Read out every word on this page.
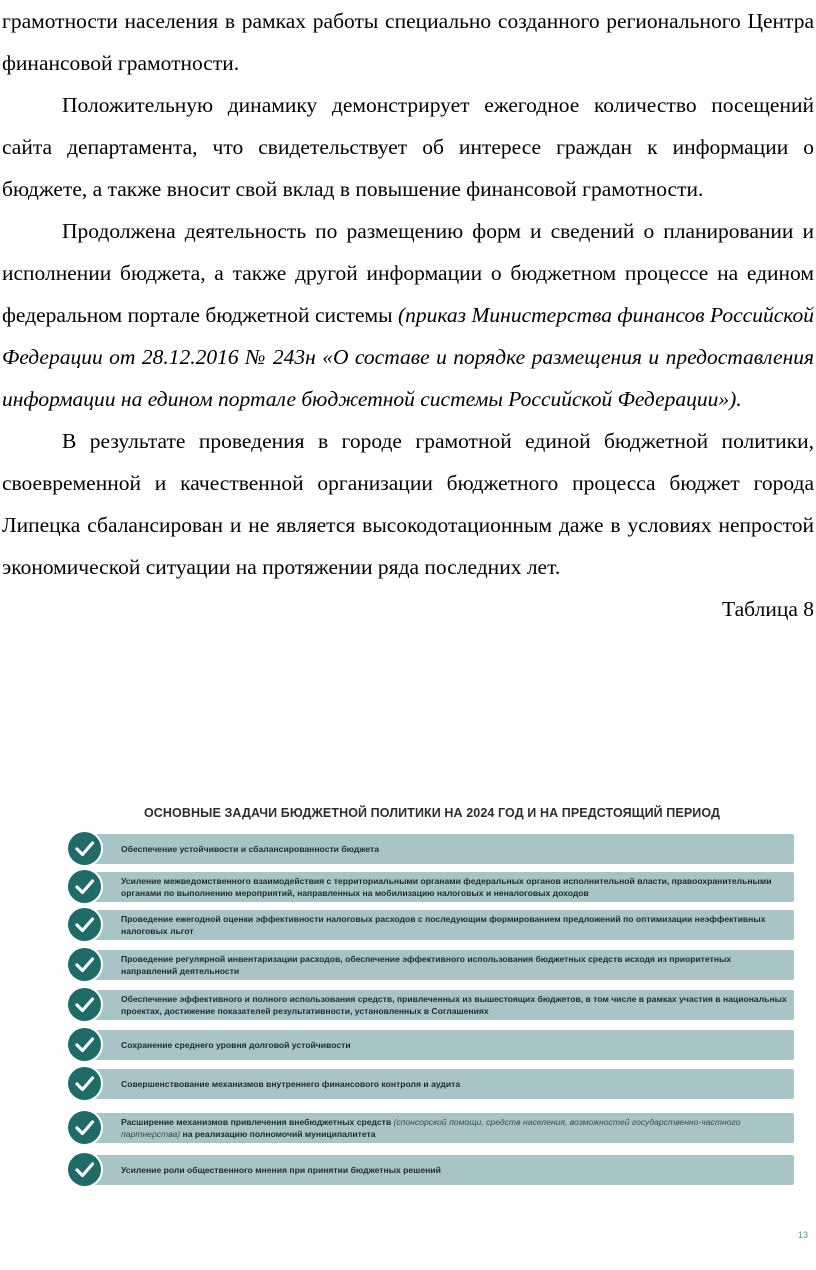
грамотности населения в рамках работы специально созданного регионального Центра финансовой грамотности.

Положительную динамику демонстрирует ежегодное количество посещений сайта департамента, что свидетельствует об интересе граждан к информации о бюджете, а также вносит свой вклад в повышение финансовой грамотности.

Продолжена деятельность по размещению форм и сведений о планировании и исполнении бюджета, а также другой информации о бюджетном процессе на едином федеральном портале бюджетной системы (приказ Министерства финансов Российской Федерации от 28.12.2016 № 243н «О составе и порядке размещения и предоставления информации на едином портале бюджетной системы Российской Федерации»).

В результате проведения в городе грамотной единой бюджетной политики, своевременной и качественной организации бюджетного процесса бюджет города Липецка сбалансирован и не является высокодотационным даже в условиях непростой экономической ситуации на протяжении ряда последних лет.

Таблица 8

ОСНОВНЫЕ ЗАДАЧИ БЮДЖЕТНОЙ ПОЛИТИКИ НА 2024 ГОД И НА ПРЕДСТОЯЩИЙ ПЕРИОД
Обеспечение устойчивости и сбалансированности бюджета
Усиление межведомственного взаимодействия с территориальными органами федеральных органов исполнительной власти, правоохранительными органами по выполнению мероприятий, направленных на мобилизацию налоговых и неналоговых доходов
Проведение ежегодной оценки эффективности налоговых расходов с последующим формированием предложений по оптимизации неэффективных налоговых льгот
Проведение регулярной инвентаризации расходов, обеспечение эффективного использования бюджетных средств исходя из приоритетных направлений деятельности
Обеспечение эффективного и полного использования средств, привлеченных из вышестоящих бюджетов, в том числе в рамках участия в национальных проектах, достижение показателей результативности, установленных в Соглашениях
Сохранение среднего уровня долговой устойчивости
Совершенствование механизмов внутреннего финансового контроля и аудита
Расширение механизмов привлечения внебюджетных средств (спонсорской помощи, средств населения, возможностей государственно-частного партнерства) на реализацию полномочий муниципалитета
Усиление роли общественного мнения при принятии бюджетных решений
13
